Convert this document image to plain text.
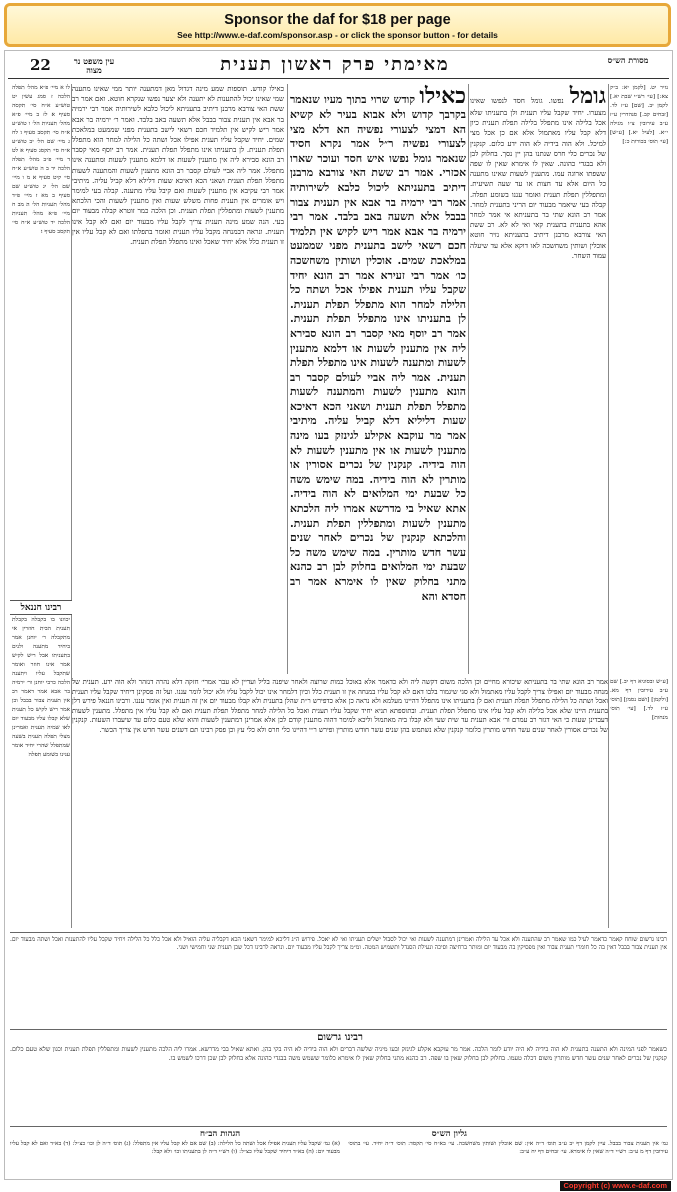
Sponsor the daf for $18 per page
See http://www.e-daf.com/sponsor.asp - or click the sponsor button - for details
22	עין משפט נר מצוה	מאימתי פרק ראשון תענית	מסורת הש״ס

לו א מיי׳ פ״א מהל׳ תפלה הלכה ז סמג עשין יט טוש״ע א״ח סי׳ תקסה סעיף א׃ לז ב מיי׳ פ״א מהל׳ תעניות הל׳ ו טוש״ע א״ח סי׳ תקסב סעיף ו׃ לח ג מיי׳ שם הל׳ יב טוש״ע א״ח סי׳ תקסג סעיף א׃ לט ד מיי׳ פ״ב מהל׳ תפלה הלכה יד ב ה טוש״ע א״ח סי׳ קיט סעיף א׃ מ ו מיי׳ שם הל׳ יג טוש״ע שם סעיף ב׃ מא ז מיי׳ פ״ד מהל׳ תעניות הל׳ ה׃ מב ח מיי׳ פ״א מהל׳ תעניות הלכה יד טוש״ע א״ח סי׳ תקסב סעיף ו׃

רבינו חננאל

יכוונו בו בקבלה בקבלת תענית הבית חוזרין אי מתקבלה ר׳ יוחנן אמר ביחיד מתענה ולנים בתעניתו אבל ריש לקיש אמר אינו חוזר ואומר שתקבל עליו ויתענה הלכה כרבי יוחנן ור׳ ירמיה בר אבא אמר דאמר רב אין תענית צבור בבבל וכן אמר ריש לקיש כל תענית שלא קבלו עליו מבעוד יום לאו שמיה תענית ואמרינן מצלי תפלה תענית בשעה שמתפלל שהרי יחיד אומר ענינו בשומע תפלה

כאילו קודש. תוספות שמע מינה דגדול מאן דמתענה יותר ממי שאינו מתענה שמי שאינו יכול להתענות לא יתענה ולא יצער נפשו שנקרא חוטא. ואם אמר רב ששת האי צורבא מרבנן דיתיב בתעניתא ליכול כלבא לשירותיה אמר רבי ירמיה בר אבא אין תענית צבור בבבל אלא תשעה באב בלבד. ואמר ר׳ ירמיה בר אבא אמר ריש לקיש אין תלמיד חכם רשאי לישב בתענית מפני שממעט במלאכת שמים. יחיד שקבל עליו תענית אפילו אכל ושתה כל הלילה למחר הוא מתפלל תפלת תענית. לן בתעניתו אינו מתפלל תפלת תענית. אמר רב יוסף מאי קסבר רב הונא סבירא ליה אין מתענין לשעות או דלמא מתענין לשעות ומתענה אינו מתפלל. אמר ליה אביי לעולם קסבר רב הונא מתענין לשעות והמתענה לשעות מתפלל תפלת תענית ושאני הכא דאיכא שעות דלילא דלא קביל עליה. מיתיבי אמר רבי עקיבא אין מתענין לשעות ואם קיבל עליו מתענה. קבלה בעי למימר ויש אומרים אין תענית פחות משלש שעות ואין מתענין לשעות והכי הלכתא מתענין לשעות ומתפללין תפלת תענית. וכן הלכה כמר זוטרא קבלה מבעוד יום בעי. הנה שמע מינה תענית צריך לקבל עליו מבעוד יום ואם לא קבל אינו תענית. ונראה דבמנחה מקבל עליו תענית ואומר בתפלתו ואם לא קבל עליו אין זו תענית כלל אלא יחיד שאכל ואינו מתפלל תפלת תענית.

כאילו קודש שרוי בתוך מעיו שנאמר בקרבך קדוש ולא אבוא בעיר לא קשיא הא דמצי לצעורי נפשיה הא דלא מצי לצעורי נפשיה ר״ל אמר נקרא חסיד שנאמר גומל נפשו איש חסד ועוכר שארו אכזרי. אמר רב ששת האי צורבא מרבנן דיתיב בתעניתא ליכול כלבא לשירותיה אמר רבי ירמיה בר אבא אין תענית צבור בבבל אלא תשעה באב בלבד. אמר רבי ירמיה בר אבא אמר ריש לקיש אין תלמיד חכם רשאי לישב בתענית מפני שממעט במלאכת שמים. אוכלין ושותין משחשכה כו׳ אמר רבי זעירא אמר רב הונא יחיד שקבל עליו תענית אפילו אכל ושתה כל הלילה למחר הוא מתפלל תפלת תענית. לן בתעניתו אינו מתפלל תפלת תענית. אמר רב יוסף מאי קסבר רב הונא סבירא ליה אין מתענין לשעות או דלמא מתענין לשעות ומתענה לשעות אינו מתפלל תפלת תענית. אמר ליה אביי לעולם קסבר רב הונא מתענין לשעות והמתענה לשעות מתפלל תפלת תענית ושאני הכא דאיכא שעות דליליא דלא קביל עליה. מיתיבי אמר מר עוקבא אקילע לגינזק בעו מינה מתענין לשעות או אין מתענין לשעות לא הוה בידיה. קנקנין של נכרים אסורין או מותרין לא הוה בידיה. במה שימש משה כל שבעת ימי המלואים לא הוה בידיה. אתא שאיל בי מדרשא אמרו ליה הלכתא מתענין לשעות ומתפללין תפלת תענית. והלכתא קנקנין של נכרים לאחר שנים עשר חדש מותרין. במה שימש משה כל שבעת ימי המלואים בחלוק לבן רב כהנא מתני בחלוק שאין לו אימרא אמר רב חסדא והא

גומל נפשו. גומל חסד לנפשו שאינו מצערו. יחיד שקבל עליו תענית ולן בתעניתו שלא אכל בלילה אינו מתפלל בלילה תפלת תענית כיון דלא קבל עליו מאתמול אלא אם כן אכל מצי למיכל. ולא הוה בידיה לא הוה ידע כלום. קנקנין של נכרים כלי חרס שנתנו בהן יין נסך. בחלוק לבן ולא בבגדי כהונה. שאין לו אימרא שאין לו שפה ששפתו ארוגה עמו. מתענין לשעות שאינו מתענה כל היום אלא עד חצות או עד שעה תשיעית. ומתפללין תפלת תענית ואומר עננו בשומע תפלה. קבלה בעי שיאמר מבעוד יום הריני בתענית למחר. אמר רב הונא שתי בר בתעניתא אי אמר למחר אהא בתענית בתענית קאי ואי לא לא. רב ששת האי צורבא מרבנן דיתיב בתעניתא נזיר חוטא אוכלין ושותין משחשכה לאו דוקא אלא עד שיעלה עמוד השחר.

נזיר יט. [לקמן יא: ב״ק צא:] [עי׳ רש״י שבת יא.] לקמן יב. [שם] ע״ז לד. [זבחים קב.] סנהדרין ע״ז ע״ב עירובין צ״ו מגילה י״א. [לעיל יא.] [ע״ש] [עי׳ תוס׳ בכורות כ:]

אמר רב הונא שתי בר בתעניתא שיכורא מחיים וכן הלכה משום דקשה ליה ולא כדאמר אלא באוכל כמות שרוצה ולאחר שיפנה בליל ועדיין לא עבר אמרי׳ חזקה דלא נהרה דנזהר ולא הוה ידע. תענית של מנחה מבעוד יום ואפילו צריך לקבל עליו מאתמול ולא סגי שיגמור בלבו דאם לא קבל עליו במנחה אין זו תענית כלל וכיון דלמחר אינו יכול לקבל עליו ולא יכול לומר עננו. ועל זה פסקינן דיחיד שקבל עליו תענית ואכל ושתה כל הלילה מתפלל תפלת תענית ואם לן בתעניתו אינו מתפלל דהיינו מעלמא ולא נראה כן אלא כדפירש ר״ת שהלן בתענית ולא קבלו מבעוד יום אין זה תענית ואין אומר עננו. ורבינו חננאל פירש דלן בתענית היינו שלא אכל בלילה ולא קבל עליו אינו מתפלל תפלת תענית. ובתוספתא תניא יחיד שקבל עליו תענית ואכל כל הלילה למחר מתפלל תפלת תענית ואם לא קבל עליו אין מתפלל. מתענין לשעות דעבדינן שעות כי האי דגזר רב עמרם ור׳ אבא תענית עד שית שעי ולא קבלו ביה מאתמול וליכא למימר דהוה מתענין קודם לכן אלא אמרינן דמתענין לשעות והוא שלא טעם כלום עד שיעברו השעות. קנקנין של נכרים אסורין לאחר שנים עשר חודש מותרין כלומר קנקנין שלא נשתמש בהן שנים עשר חודש מותרין ופירש ר״י דהיינו כלי חרס ולא כלי עץ וכן פסק רבינו תם דשנים עשר חדש אין צריך הכשר.

[ע״ש ובסוגיא דף יב.] שם ע״ב עירובין דף מא. [ולקמן] [ושם נסמן] [תוס׳ ע״ז לד.] [עי׳ תוס׳ מנחות]

רבינו גרשום שוחח קאמר כדאמר לעיל כמו שאמר רב שהתענה ולא אכל עד הלילה ואמרינן דמתענה לשעות ואי יכול לסבול ישלים תעניתו ואי לא יאכל. פירוש ה״ג דליכא למימר דשאני הכא דקבליה עליה הואיל ולא אכל כלל כל הלילה ויחיד שקבל עליו להתענות ואכל ושתה מבעוד יום. אין תענית צבור בבבל דאין בה כל חומרי תענית צבור ואין מפסיקין בה מבעוד יום ומותר ברחיצה וסיכה ונעילת הסנדל ותשמיש המטה. ומ״מ צריך לקבל עליו מבעוד יום. ונראה לרבינו דכל שכן תענית שני וחמישי ושני.

רבינו גרשום

כשאמר לפני המינה ולא התענה בתענית לא הוה בידיה לא היה יודע לומר הלכה. אמר מר עוקבא אקלע לגינזק ובעו מיניה שלשה דברים ולא הוה בידיה לא היה בקי בהן. ואתא שאיל בבי מדרשא. אמרו ליה הלכה מתענין לשעות ומתפללין תפלת תענית וכגון שלא טעם כלום. קנקנין של נכרים לאחר שנים עשר חדש מותרין משום דכלה טעמו. בחלוק לבן בחלוק שאין בו שפה. רב כהנא מתני בחלוק שאין לו אימרא כלומר ששמש משה בבגדי כהונה אלא בחלוק לבן שכן דרכו לשמש בו.

הגהות הב״ח	גליון הש״ס

(א) גמ׳ שקבל עליו תענית אפילו אכל ושתה כל הלילה: (ב) שם אם לא קבל עליו אין מתפלל: (ג) תוס׳ ד״ה לן וכו׳ כצ״ל: (ד) בא״ד ואם לא קבל עליו מבעוד יום: (ה) בא״ד דיחיד שקבל עליו כצ״ל: (ו) רש״י ד״ה לן בתעניתו וכו׳ ולא קבל:

גמ׳ אין תענית צבור בבבל. עיין לקמן דף יב ע״ב תוס׳ ד״ה אין: שם אוכלין ושותין משחשכה. עי׳ בא״ח סי׳ תקסד: תוס׳ ד״ה יחיד. עי׳ בתוס׳ עירובין דף מ ע״ב: רש״י ד״ה שאין לו אימרא. עי׳ זבחים דף יח ע״ב:

Copyright (c) www.e-daf.com
